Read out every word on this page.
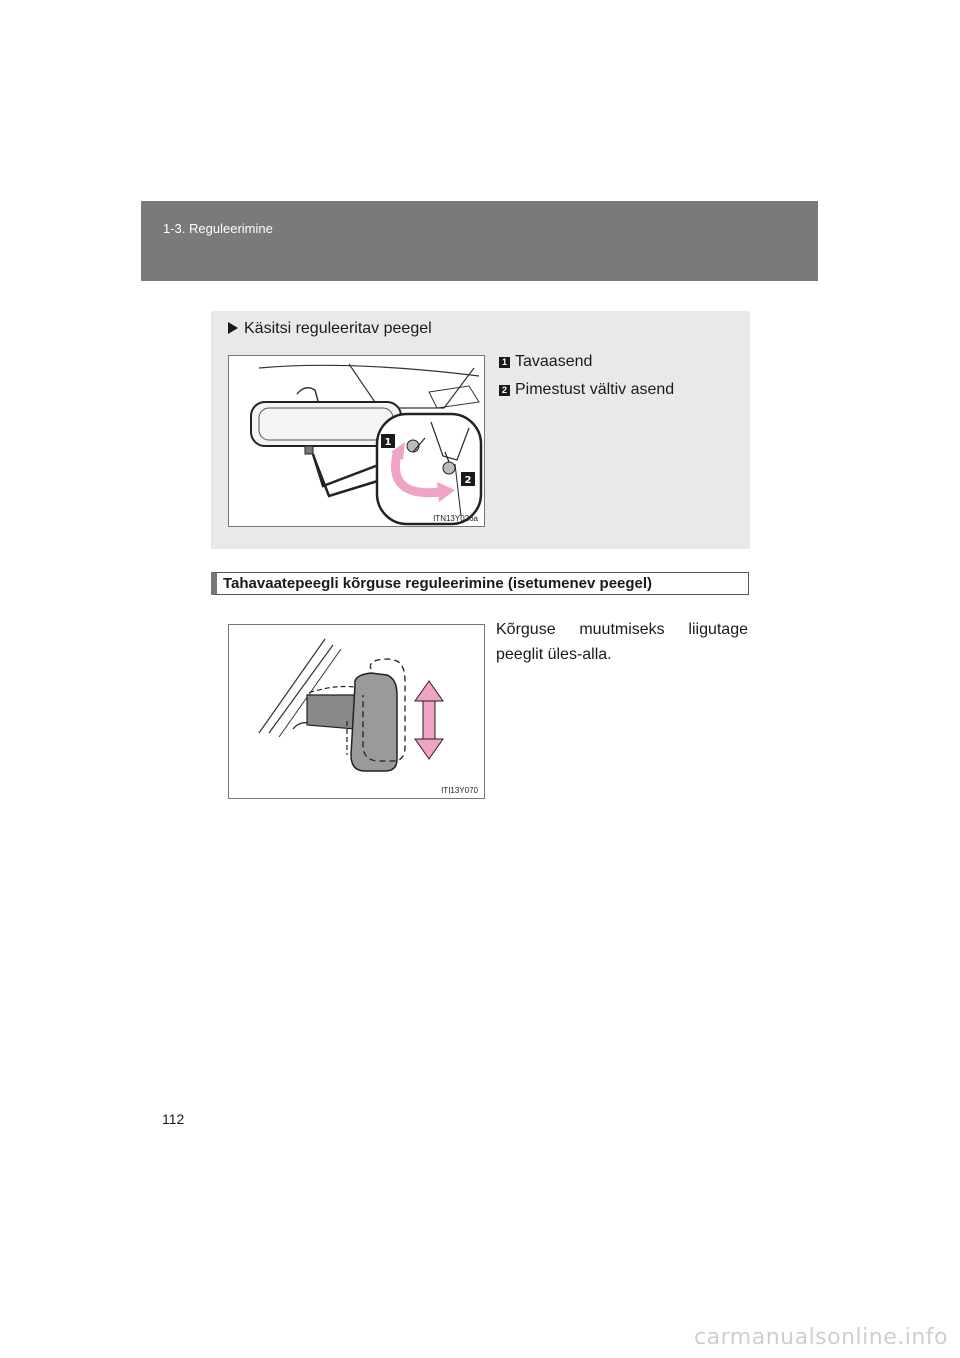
1-3. Reguleerimine
Käsitsi reguleeritav peegel
1
2
ITN13Y026a
1 Tavaasend
2 Pimestust vältiv asend
Tahavaatepeegli kõrguse reguleerimine (isetumenev peegel)
ITI13Y070
Kõrguse muutmiseks liigutage peeglit üles-alla.
112
carmanualsonline.info
